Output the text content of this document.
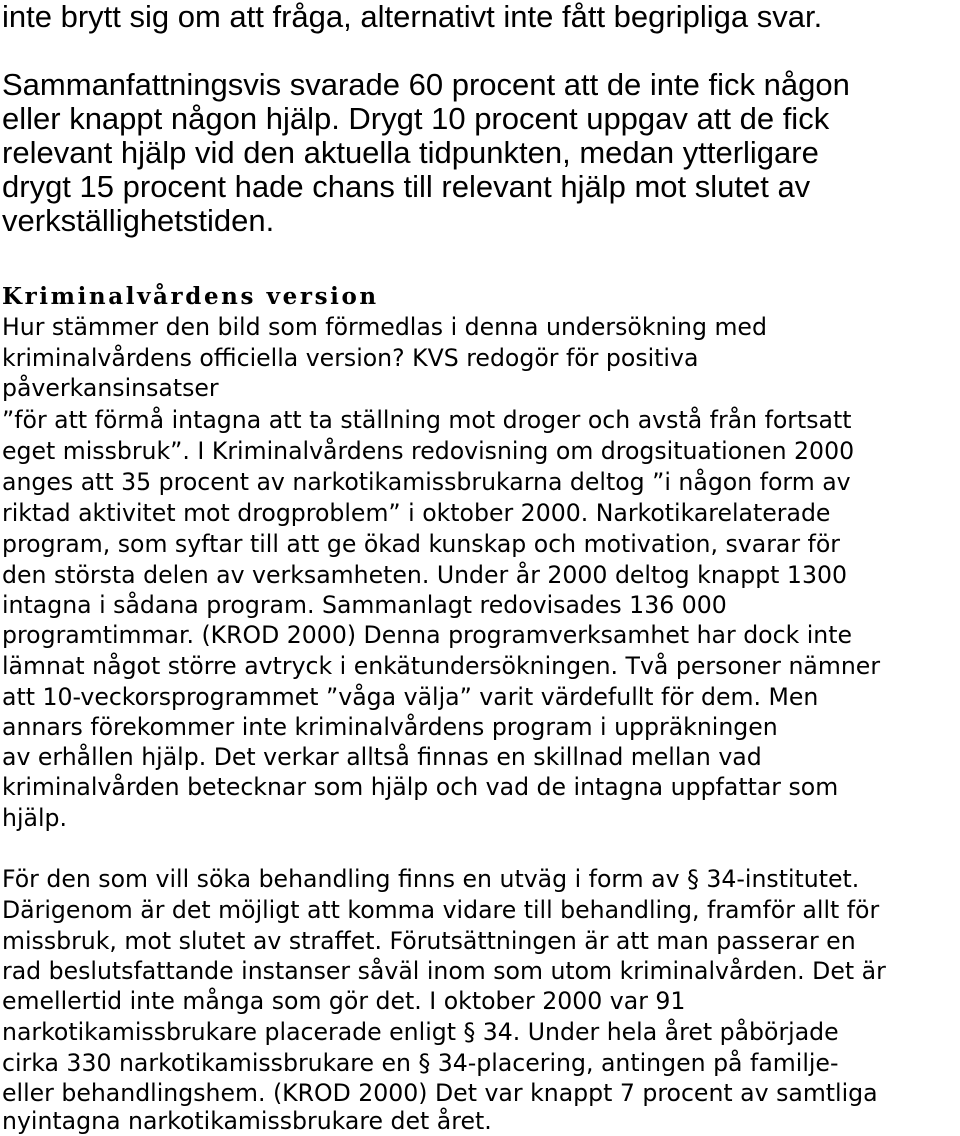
inte brytt sig om att fråga, alternativt inte fått begripliga svar.

Sammanfattningsvis svarade 60 procent att de inte fick någon

eller knappt någon hjälp. Drygt 10 procent uppgav att de fick

relevant hjälp vid den aktuella tidpunkten, medan ytterligare

drygt 15 procent hade chans till relevant hjälp mot slutet av

verkställighetstiden.

Kriminalvårdens version

Hur stämmer den bild som förmedlas i denna undersökning med

kriminalvårdens officiella version? KVS redogör för positiva

påverkansinsatser

”för att förmå intagna att ta ställning mot droger och avstå från fortsatt

eget missbruk”. I Kriminalvårdens redovisning om drogsituationen 2000

anges att 35 procent av narkotikamissbrukarna deltog ”i någon form av

riktad aktivitet mot drogproblem” i oktober 2000. Narkotikarelaterade

program, som syftar till att ge ökad kunskap och motivation, svarar för

den största delen av verksamheten. Under år 2000 deltog knappt 1300

intagna i sådana program. Sammanlagt redovisades 136 000

programtimmar. (KROD 2000) Denna programverksamhet har dock inte

lämnat något större avtryck i enkätundersökningen. Två personer nämner

att 10-veckorsprogrammet ”våga välja” varit värdefullt för dem. Men

annars förekommer inte kriminalvårdens program i uppräkningen

av erhållen hjälp. Det verkar alltså finnas en skillnad mellan vad

kriminalvården betecknar som hjälp och vad de intagna uppfattar som

hjälp.

För den som vill söka behandling finns en utväg i form av § 34-institutet.

Därigenom är det möjligt att komma vidare till behandling, framför allt för

missbruk, mot slutet av straffet. Förutsättningen är att man passerar en

rad beslutsfattande instanser såväl inom som utom kriminalvården. Det är

emellertid inte många som gör det. I oktober 2000 var 91

narkotikamissbrukare placerade enligt § 34. Under hela året påbörjade

cirka 330 narkotikamissbrukare en § 34-placering, antingen på familje-

eller behandlingshem. (KROD 2000) Det var knappt 7 procent av samtliga

nyintagna narkotikamissbrukare det året.
